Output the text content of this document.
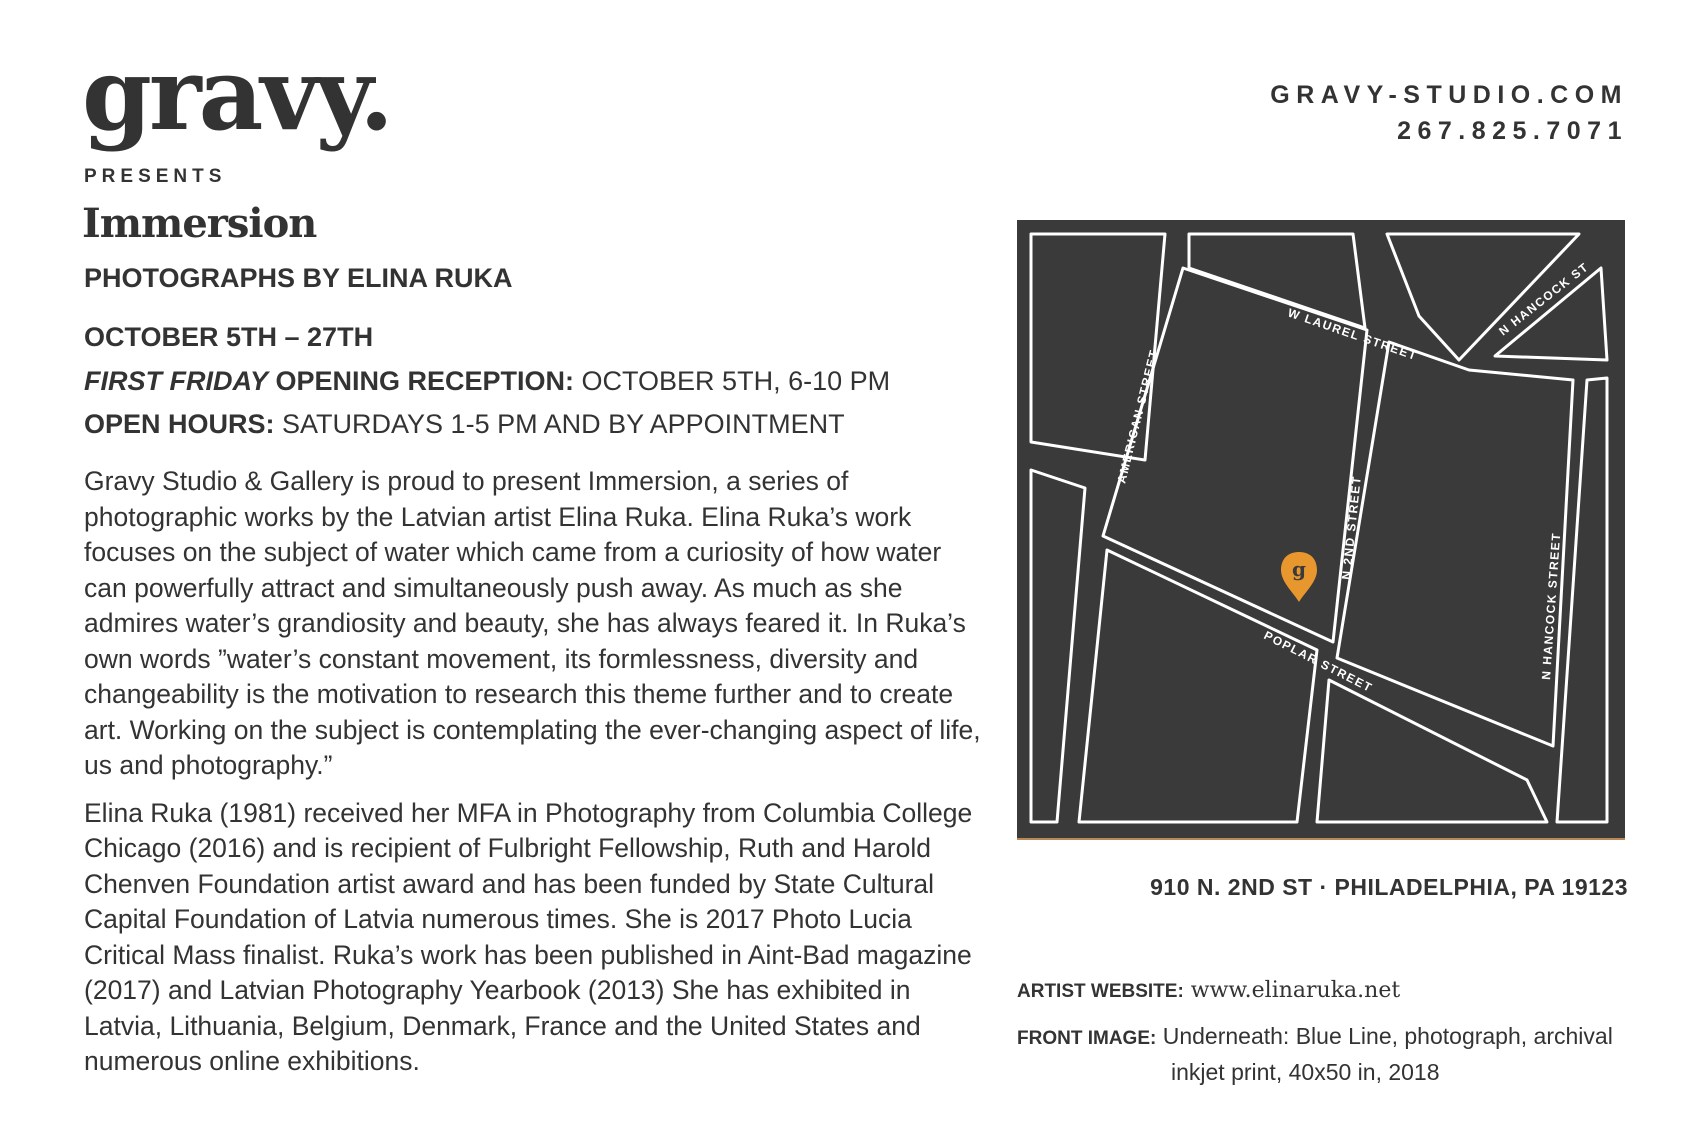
gravy.
PRESENTS
Immersion
PHOTOGRAPHS BY ELINA RUKA

OCTOBER 5TH – 27TH

FIRST FRIDAY OPENING RECEPTION: OCTOBER 5TH, 6-10 PM

OPEN HOURS: SATURDAYS 1-5 PM AND BY APPOINTMENT

Gravy Studio & Gallery is proud to present Immersion, a series of photographic works by the Latvian artist Elina Ruka. Elina Ruka’s work focuses on the subject of water which came from a curiosity of how water can powerfully attract and simultaneously push away. As much as she admires water’s grandiosity and beauty, she has always feared it. In Ruka’s own words ”water’s constant movement, its formlessness, diversity and changeability is the motivation to research this theme further and to create art. Working on the subject is contemplating the ever-changing aspect of life, us and photography.”

Elina Ruka (1981) received her MFA in Photography from Columbia College Chicago (2016) and is recipient of Fulbright Fellowship, Ruth and Harold Chenven Foundation artist award and has been funded by State Cultural Capital Foundation of Latvia numerous times. She is 2017 Photo Lucia Critical Mass finalist. Ruka’s work has been published in Aint-Bad magazine (2017) and Latvian Photography Yearbook (2013) She has exhibited in Latvia, Lithuania, Belgium, Denmark, France and the United States and numerous online exhibitions.

GRAVY-STUDIO.COM
267.825.7071
W LAUREL STREET	N HANCOCK ST
AMERICAN STREET
N 2ND STREET
N HANCOCK STREET
POPLAR STREET
g

910 N. 2ND ST · PHILADELPHIA, PA 19123

ARTIST WEBSITE: www.elinaruka.net
FRONT IMAGE: Underneath: Blue Line, photograph, archival
inkjet print, 40x50 in, 2018
